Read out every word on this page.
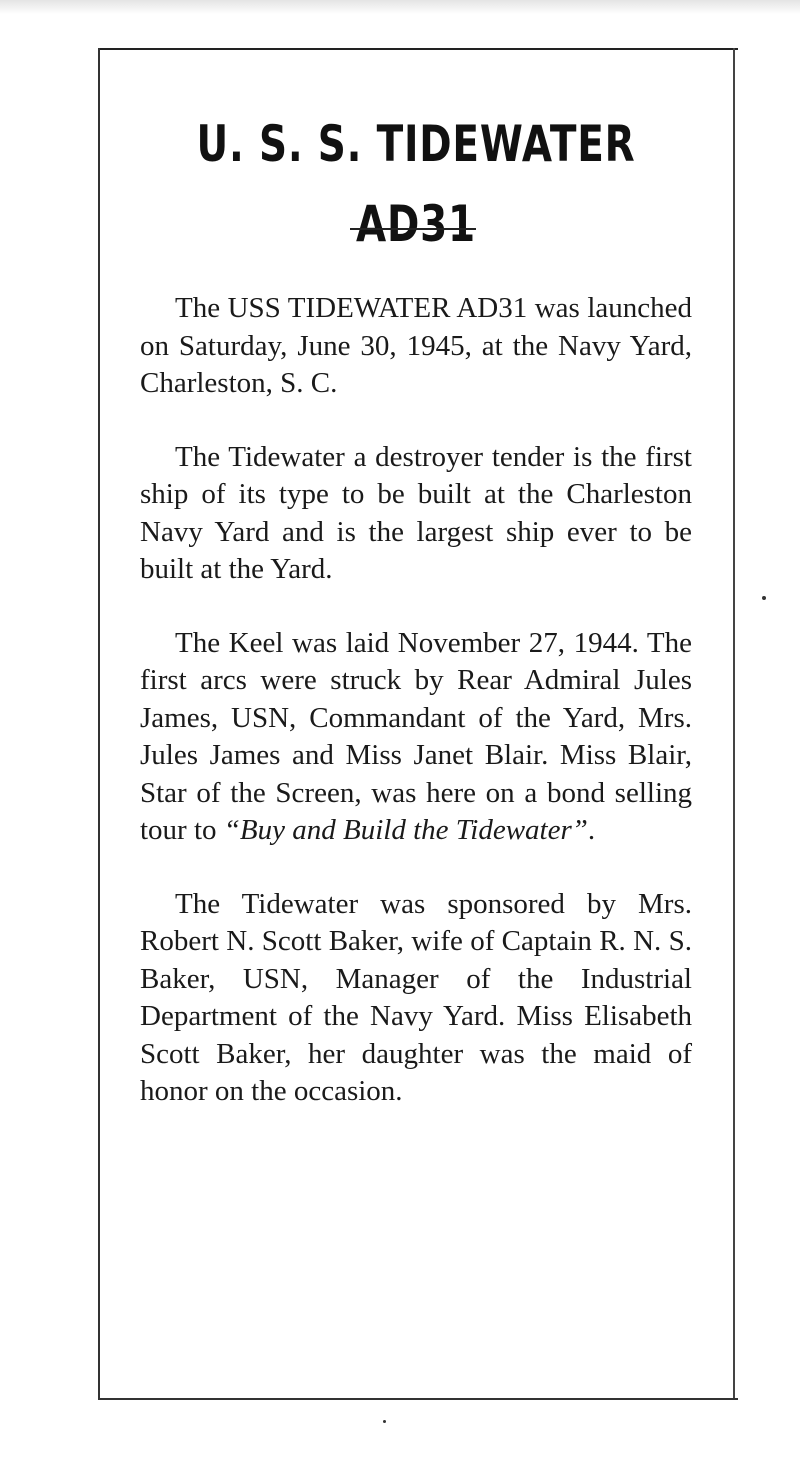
U. S. S. TIDEWATER AD31

The USS TIDEWATER AD31 was launched on Saturday, June 30, 1945, at the Navy Yard, Charleston, S. C.

The Tidewater a destroyer tender is the first ship of its type to be built at the Charleston Navy Yard and is the largest ship ever to be built at the Yard.

The Keel was laid November 27, 1944. The first arcs were struck by Rear Admiral Jules James, USN, Commandant of the Yard, Mrs. Jules James and Miss Janet Blair. Miss Blair, Star of the Screen, was here on a bond selling tour to “Buy and Build the Tidewater”.

The Tidewater was sponsored by Mrs. Robert N. Scott Baker, wife of Captain R. N. S. Baker, USN, Manager of the Industrial Department of the Navy Yard. Miss Elisabeth Scott Baker, her daughter was the maid of honor on the occasion.
